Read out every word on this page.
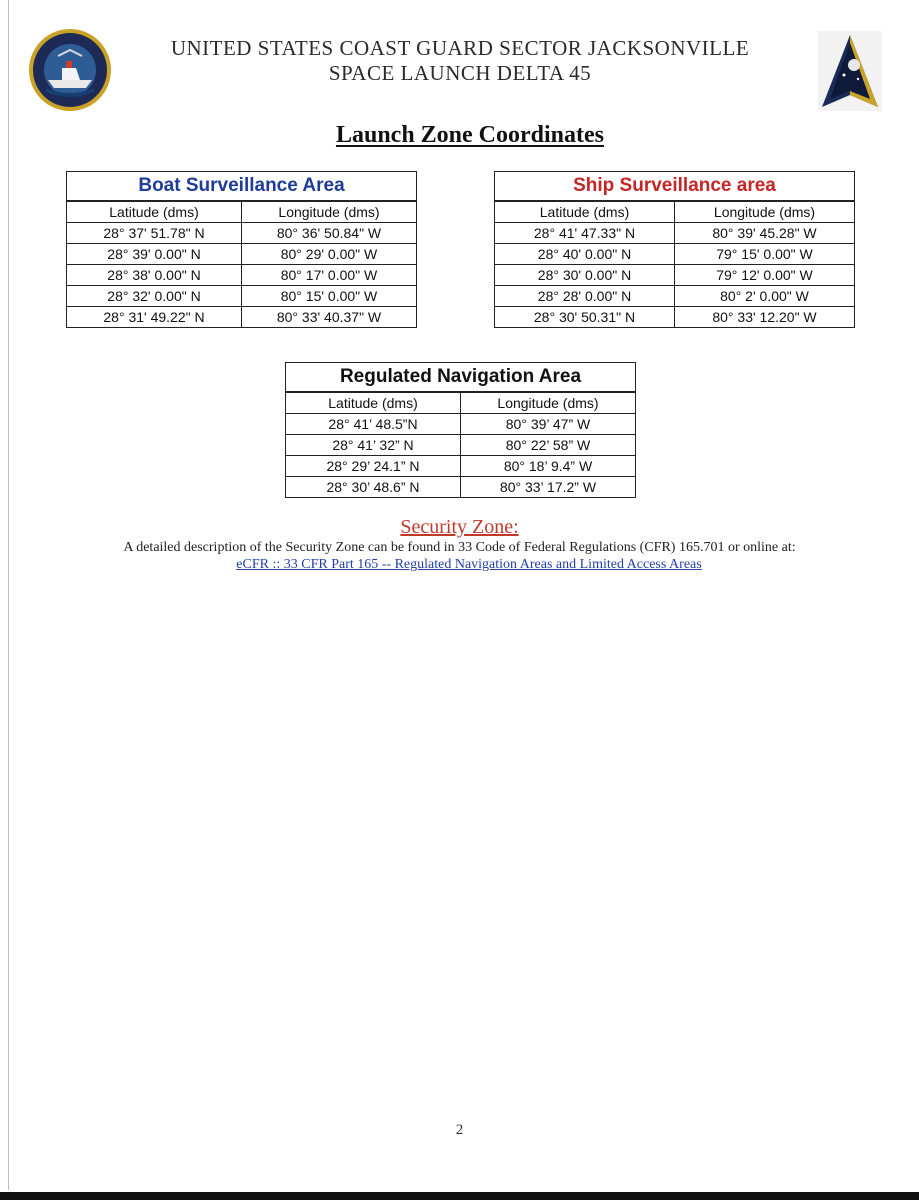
UNITED STATES COAST GUARD SECTOR JACKSONVILLE
SPACE LAUNCH DELTA 45
Launch Zone Coordinates
Boat Surveillance Area	
Latitude (dms)	Longitude (dms)
28° 37' 51.78" N	80° 36' 50.84" W
28° 39' 0.00" N	80° 29' 0.00" W
28° 38' 0.00" N	80° 17' 0.00" W
28° 32' 0.00" N	80° 15' 0.00" W
28° 31' 49.22" N	80° 33' 40.37" W
Ship Surveillance area	
Latitude (dms)	Longitude (dms)
28° 41' 47.33" N	80° 39' 45.28" W
28° 40' 0.00" N	79° 15' 0.00" W
28° 30' 0.00" N	79° 12' 0.00" W
28° 28' 0.00" N	80° 2' 0.00" W
28° 30' 50.31" N	80° 33' 12.20" W
Regulated Navigation Area	
Latitude (dms)	Longitude (dms)
28° 41’ 48.5”N	80° 39’ 47” W
28° 41’ 32” N	80° 22’ 58” W
28° 29’ 24.1” N	80° 18’ 9.4” W
28° 30’ 48.6” N	80° 33’ 17.2” W
Security Zone:
A detailed description of the Security Zone can be found in 33 Code of Federal Regulations (CFR) 165.701 or online at:
eCFR :: 33 CFR Part 165 -- Regulated Navigation Areas and Limited Access Areas
2
